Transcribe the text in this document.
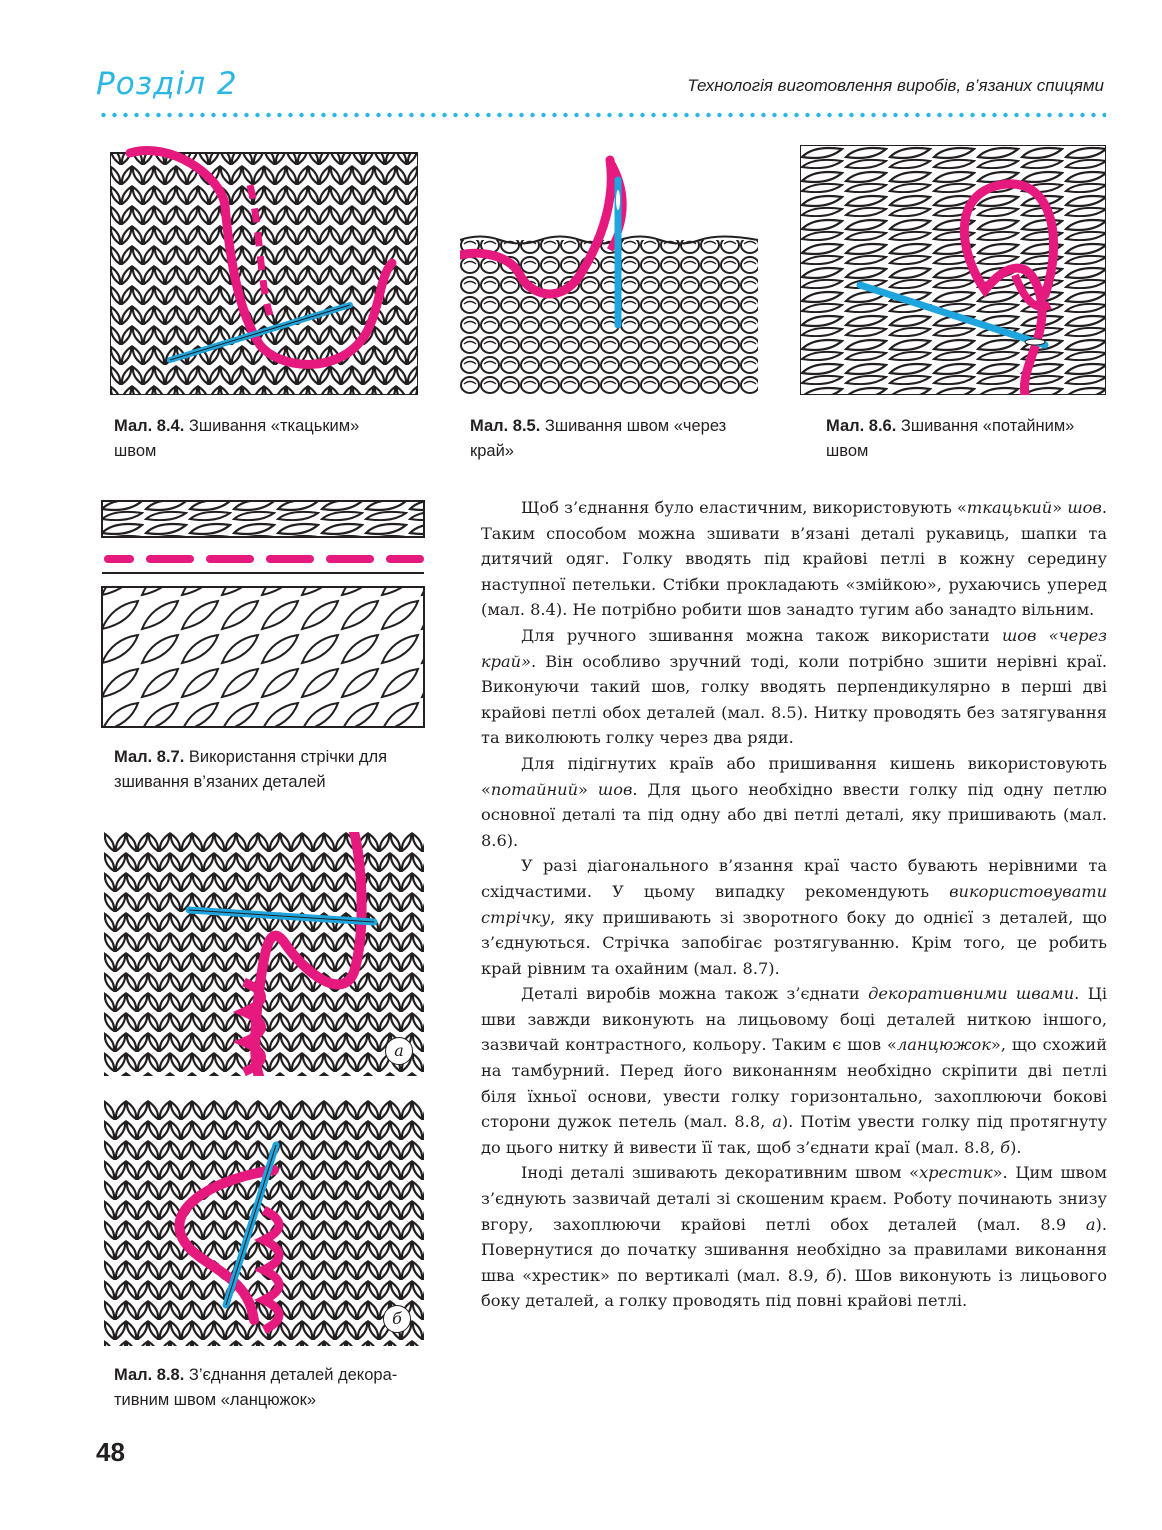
Розділ 2	Технологія виготовлення виробів, в’язаних спицями
Мал. 8.4. Зшивання «ткацьким»
швом
Мал. 8.5. Зшивання швом «через
край»
Мал. 8.6. Зшивання «потайним»
швом
Мал. 8.7. Використання стрічки для
зшивання в’язаних деталей
а
б
Мал. 8.8. З’єднання деталей декора-
тивним швом «ланцюжок»

Щоб з’єднання було еластичним, використовують «ткацький» шов. Таким способом можна зшивати в’язані деталі рукавиць, шапки та дитячий одяг. Голку вводять під крайові петлі в кожну середину наступної петельки. Стібки прокладають «змійкою», рухаючись уперед (мал. 8.4). Не потрібно робити шов занадто тугим або занадто вільним.

Для ручного зшивання можна також використати шов «через край». Він особливо зручний тоді, коли потрібно зшити нерівні краї. Виконуючи такий шов, голку вводять перпендикулярно в перші дві крайові петлі обох деталей (мал. 8.5). Нитку проводять без затягування та виколюють голку через два ряди.

Для підігнутих країв або пришивання кишень використовують «потайний» шов. Для цього необхідно ввести голку під одну петлю основної деталі та під одну або дві петлі деталі, яку пришивають (мал. 8.6).

У разі діагонального в’язання краї часто бувають нерівними та східчастими. У цьому випадку рекомендують використовувати стрічку, яку пришивають зі зворотного боку до однієї з деталей, що з’єднуються. Стрічка запобігає розтягуванню. Крім того, це робить край рівним та охайним (мал. 8.7).

Деталі виробів можна також з’єднати декоративними швами. Ці шви завжди виконують на лицьовому боці деталей ниткою іншого, зазвичай контрастного, кольору. Таким є шов «ланцюжок», що схожий на тамбурний. Перед його виконанням необхідно скріпити дві петлі біля їхньої основи, увести голку горизонтально, захоплюючи бокові сторони дужок петель (мал. 8.8, а). Потім увести голку під протягнуту до цього нитку й вивести її так, щоб з’єднати краї (мал. 8.8, б).

Іноді деталі зшивають декоративним швом «хрестик». Цим швом з’єднують зазвичай деталі зі скошеним краєм. Роботу починають знизу вгору, захоплюючи крайові петлі обох деталей (мал. 8.9 а). Повернутися до початку зшивання необхідно за правилами виконання шва «хрестик» по вертикалі (мал. 8.9, б). Шов виконують із лицьового боку деталей, а голку проводять під повні крайові петлі.

48
